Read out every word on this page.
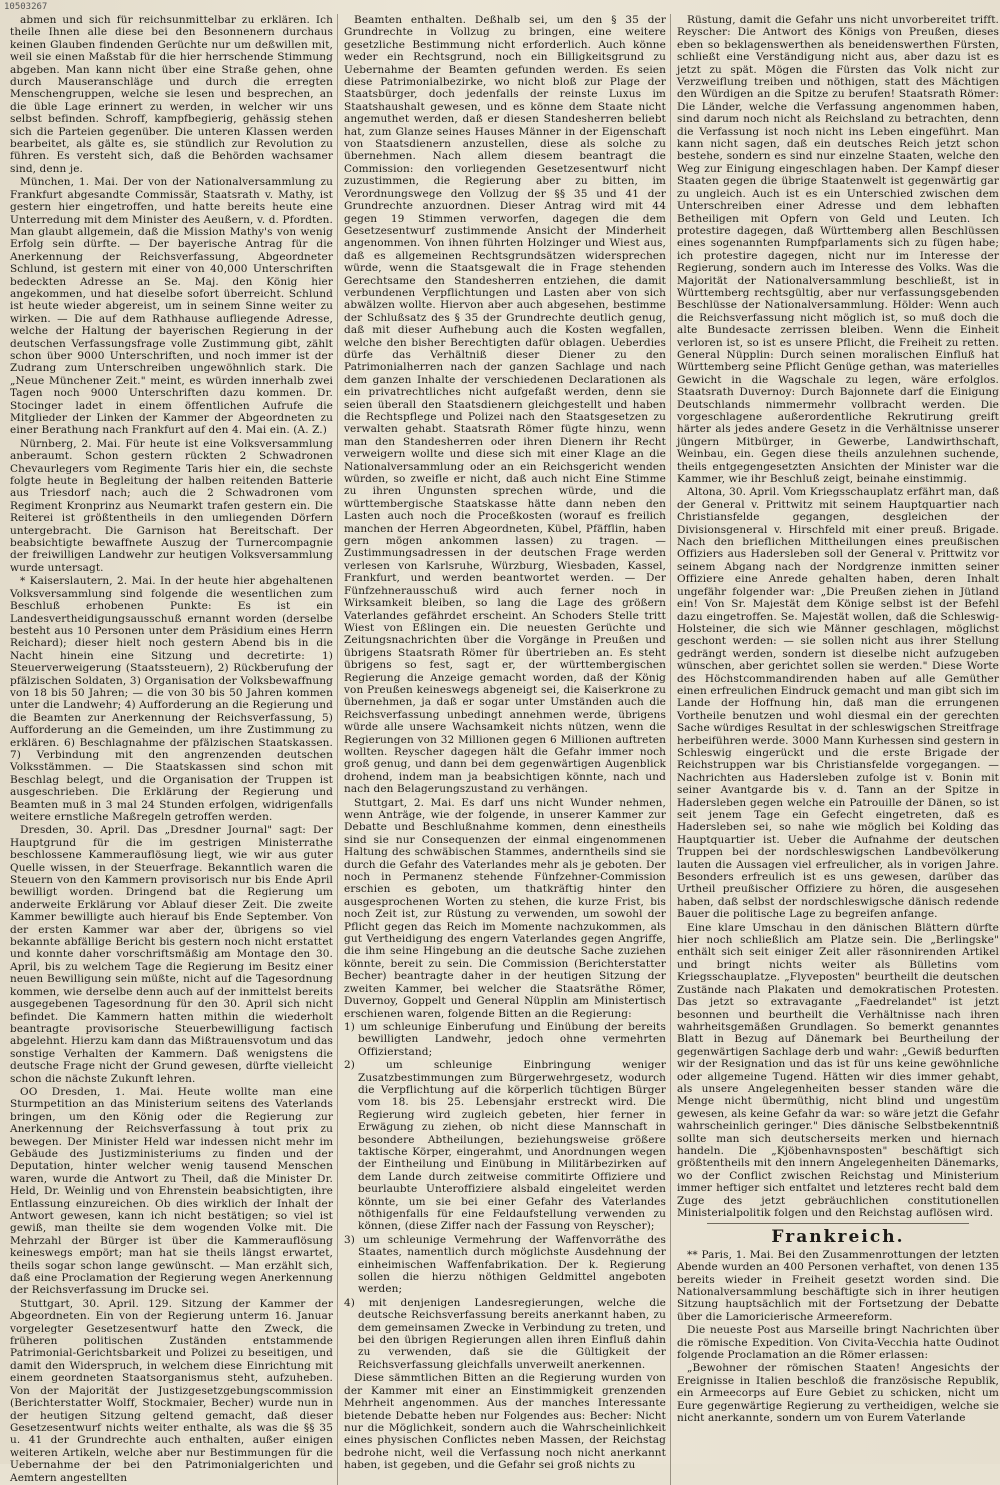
10503267

abmen und sich für reichsunmittelbar zu erklären. Ich theile Ihnen alle diese bei den Besonnenern durchaus keinen Glauben findenden Gerüchte nur um deßwillen mit, weil sie einen Maßstab für die hier herrschende Stimmung abgeben. Man kann nicht über eine Straße gehen, ohne durch Mauseranschläge und durch die erregten Menschengruppen, welche sie lesen und besprechen, an die üble Lage erinnert zu werden, in welcher wir uns selbst befinden. Schroff, kampfbegierig, gehässig stehen sich die Parteien gegenüber. Die unteren Klassen werden bearbeitet, als gälte es, sie stündlich zur Revolution zu führen. Es versteht sich, daß die Behörden wachsamer sind, denn je.

München, 1. Mai. Der von der Nationalversammlung zu Frankfurt abgesandte Commissär, Staatsrath v. Mathy, ist gestern hier eingetroffen, und hatte bereits heute eine Unterredung mit dem Minister des Aeußern, v. d. Pfordten. Man glaubt allgemein, daß die Mission Mathy's von wenig Erfolg sein dürfte. — Der bayerische Antrag für die Anerkennung der Reichsverfassung, Abgeordneter Schlund, ist gestern mit einer von 40,000 Unterschriften bedeckten Adresse an Se. Maj. den König hier angekommen, und hat dieselbe sofort überreicht. Schlund ist heute wieder abgereist, um in seinem Sinne weiter zu wirken. — Die auf dem Rathhause aufliegende Adresse, welche der Haltung der bayerischen Regierung in der deutschen Verfassungsfrage volle Zustimmung gibt, zählt schon über 9000 Unterschriften, und noch immer ist der Zudrang zum Unterschreiben ungewöhnlich stark. Die „Neue Münchener Zeit." meint, es würden innerhalb zwei Tagen noch 9000 Unterschriften dazu kommen. Dr. Stocinger ladet in einem öffentlichen Aufrufe die Mitglieder der Linken der Kammer der Abgeordneten zu einer Berathung nach Frankfurt auf den 4. Mai ein. (A. Z.)

Nürnberg, 2. Mai. Für heute ist eine Volksversammlung anberaumt. Schon gestern rückten 2 Schwadronen Chevaurlegers vom Regimente Taris hier ein, die sechste folgte heute in Begleitung der halben reitenden Batterie aus Triesdorf nach; auch die 2 Schwadronen vom Regiment Kronprinz aus Neumarkt trafen gestern ein. Die Reiterei ist größtentheils in den umliegenden Dörfern untergebracht. Die Garnison hat Bereitschaft. Der beabsichtigte bewaffnete Auszug der Turnercompagnie der freiwilligen Landwehr zur heutigen Volksversammlung wurde untersagt.

* Kaiserslautern, 2. Mai. In der heute hier abgehaltenen Volksversammlung sind folgende die wesentlichen zum Beschluß erhobenen Punkte: Es ist ein Landesvertheidigungsausschuß ernannt worden (derselbe besteht aus 10 Personen unter dem Präsidium eines Herrn Reichard); dieser hielt noch gestern Abend bis in die Nacht hinein eine Sitzung und decretirte: 1) Steuerverweigerung (Staatssteuern), 2) Rückberufung der pfälzischen Soldaten, 3) Organisation der Volksbewaffnung von 18 bis 50 Jahren; — die von 30 bis 50 Jahren kommen unter die Landwehr; 4) Aufforderung an die Regierung und die Beamten zur Anerkennung der Reichsverfassung, 5) Aufforderung an die Gemeinden, um ihre Zustimmung zu erklären. 6) Beschlagnahme der pfälzischen Staatskassen. 7) Verbindung mit den angrenzenden deutschen Volksstämmen. — Die Staatskassen sind schon mit Beschlag belegt, und die Organisation der Truppen ist ausgeschrieben. Die Erklärung der Regierung und Beamten muß in 3 mal 24 Stunden erfolgen, widrigenfalls weitere ernstliche Maßregeln getroffen werden.

Dresden, 30. April. Das „Dresdner Journal" sagt: Der Hauptgrund für die im gestrigen Ministerrathe beschlossene Kammerauflösung liegt, wie wir aus guter Quelle wissen, in der Steuerfrage. Bekanntlich waren die Steuern von den Kammern provisorisch nur bis Ende April bewilligt worden. Dringend bat die Regierung um anderweite Erklärung vor Ablauf dieser Zeit. Die zweite Kammer bewilligte auch hierauf bis Ende September. Von der ersten Kammer war aber der, übrigens so viel bekannte abfällige Bericht bis gestern noch nicht erstattet und konnte daher vorschriftsmäßig am Montage den 30. April, bis zu welchem Tage die Regierung im Besitz einer neuen Bewilligung sein müßte, nicht auf die Tagesordnung kommen, wie derselbe denn auch auf der inmittelst bereits ausgegebenen Tagesordnung für den 30. April sich nicht befindet. Die Kammern hatten mithin die wiederholt beantragte provisorische Steuerbewilligung factisch abgelehnt. Hierzu kam dann das Mißtrauensvotum und das sonstige Verhalten der Kammern. Daß wenigstens die deutsche Frage nicht der Grund gewesen, dürfte vielleicht schon die nächste Zukunft lehren.

OO Dresden, 1. Mai. Heute wollte man eine Sturmpetition an das Ministerium seitens des Vaterlands bringen, um den König oder die Regierung zur Anerkennung der Reichsverfassung à tout prix zu bewegen. Der Minister Held war indessen nicht mehr im Gebäude des Justizministeriums zu finden und der Deputation, hinter welcher wenig tausend Menschen waren, wurde die Antwort zu Theil, daß die Minister Dr. Held, Dr. Weinlig und von Ehrenstein beabsichtigten, ihre Entlassung einzureichen. Ob dies wirklich der Inhalt der Antwort gewesen, kann ich nicht bestätigen; so viel ist gewiß, man theilte sie dem wogenden Volke mit. Die Mehrzahl der Bürger ist über die Kammerauflösung keineswegs empört; man hat sie theils längst erwartet, theils sogar schon lange gewünscht. — Man erzählt sich, daß eine Proclamation der Regierung wegen Anerkennung der Reichsverfassung im Drucke sei.

Stuttgart, 30. April. 129. Sitzung der Kammer der Abgeordneten. Ein von der Regierung unterm 16. Januar vorgelegter Gesetzesentwurf hatte den Zweck, die früheren politischen Zuständen entstammende Patrimonial-Gerichtsbarkeit und Polizei zu beseitigen, und damit den Widerspruch, in welchem diese Einrichtung mit einem geordneten Staatsorganismus steht, aufzuheben. Von der Majorität der Justizgesetzgebungscommission (Berichterstatter Wolff, Stockmaier, Becher) wurde nun in der heutigen Sitzung geltend gemacht, daß dieser Gesetzesentwurf nichts weiter enthalte, als was die §§ 35 u. 41 der Grundrechte auch enthalten, außer einigen weiteren Artikeln, welche aber nur Bestimmungen für die Uebernahme der bei den Patrimonialgerichten und Aemtern angestellten

Beamten enthalten. Deßhalb sei, um den § 35 der Grundrechte in Vollzug zu bringen, eine weitere gesetzliche Bestimmung nicht erforderlich. Auch könne weder ein Rechtsgrund, noch ein Billigkeitsgrund zu Uebernahme der Beamten gefunden werden. Es seien diese Patrimonialbezirke, wo nicht bloß zur Plage der Staatsbürger, doch jedenfalls der reinste Luxus im Staatshaushalt gewesen, und es könne dem Staate nicht angemuthet werden, daß er diesen Standesherren beliebt hat, zum Glanze seines Hauses Männer in der Eigenschaft von Staatsdienern anzustellen, diese als solche zu übernehmen. Nach allem diesem beantragt die Commission: den vorliegenden Gesetzesentwurf nicht zuzustimmen, die Regierung aber zu bitten, im Verordnungswege den Vollzug der §§ 35 und 41 der Grundrechte anzuordnen. Dieser Antrag wird mit 44 gegen 19 Stimmen verworfen, dagegen die dem Gesetzesentwurf zustimmende Ansicht der Minderheit angenommen. Von ihnen führten Holzinger und Wiest aus, daß es allgemeinen Rechtsgrundsätzen widersprechen würde, wenn die Staatsgewalt die in Frage stehenden Gerechtsame den Standesherren entziehen, die damit verbundenen Verpflichtungen und Lasten aber von sich abwälzen wollte. Hiervon aber auch abgesehen, bestimme der Schlußsatz des § 35 der Grundrechte deutlich genug, daß mit dieser Aufhebung auch die Kosten wegfallen, welche den bisher Berechtigten dafür oblagen. Ueberdies dürfe das Verhältniß dieser Diener zu den Patrimonialherren nach der ganzen Sachlage und nach dem ganzen Inhalte der verschiedenen Declarationen als ein privatrechtliches nicht aufgefaßt werden, denn sie seien überall den Staatsdienern gleichgestellt und haben die Rechtspflege und Polizei nach den Staatsgesetzen zu verwalten gehabt. Staatsrath Römer fügte hinzu, wenn man den Standesherren oder ihren Dienern ihr Recht verweigern wollte und diese sich mit einer Klage an die Nationalversammlung oder an ein Reichsgericht wenden würden, so zweifle er nicht, daß auch nicht Eine Stimme zu ihren Ungunsten sprechen würde, und die württembergische Staatskasse hätte dann neben den Lasten auch noch die Proceßkosten (worauf es freilich manchen der Herren Abgeordneten, Kübel, Pfäfflin, haben gern mögen ankommen lassen) zu tragen. — Zustimmungsadressen in der deutschen Frage werden verlesen von Karlsruhe, Würzburg, Wiesbaden, Kassel, Frankfurt, und werden beantwortet werden. — Der Fünfzehnerausschuß wird auch ferner noch in Wirksamkeit bleiben, so lang die Lage des größern Vaterlandes gefährdet erscheint. An Schoders Stelle tritt Wiest von Eßlingen ein. Die neuesten Gerüchte und Zeitungsnachrichten über die Vorgänge in Preußen und übrigens Staatsrath Römer für übertrieben an. Es steht übrigens so fest, sagt er, der württembergischen Regierung die Anzeige gemacht worden, daß der König von Preußen keineswegs abgeneigt sei, die Kaiserkrone zu übernehmen, ja daß er sogar unter Umständen auch die Reichsverfassung unbedingt annehmen werde, übrigens würde alle unsere Wachsamkeit nichts nützen, wenn die Regierungen von 32 Millionen gegen 6 Millionen auftreten wollten. Reyscher dagegen hält die Gefahr immer noch groß genug, und dann bei dem gegenwärtigen Augenblick drohend, indem man ja beabsichtigen könnte, nach und nach den Belagerungszustand zu verhängen.

Stuttgart, 2. Mai. Es darf uns nicht Wunder nehmen, wenn Anträge, wie der folgende, in unserer Kammer zur Debatte und Beschlußnahme kommen, denn einestheils sind sie nur Consequenzen der einmal eingenommenen Haltung des schwäbischen Stammes, anderntheils sind sie durch die Gefahr des Vaterlandes mehr als je geboten. Der noch in Permanenz stehende Fünfzehner-Commission erschien es geboten, um thatkräftig hinter den ausgesprochenen Worten zu stehen, die kurze Frist, bis noch Zeit ist, zur Rüstung zu verwenden, um sowohl der Pflicht gegen das Reich im Momente nachzukommen, als gut Vertheidigung des engern Vaterlandes gegen Angriffe, die ihm seine Hingebung an die deutsche Sache zuziehen könnte, bereit zu sein. Die Commission (Berichterstatter Becher) beantragte daher in der heutigen Sitzung der zweiten Kammer, bei welcher die Staatsräthe Römer, Duvernoy, Goppelt und General Nüpplin am Ministertisch erschienen waren, folgende Bitten an die Regierung:

1) um schleunige Einberufung und Einübung der bereits bewilligten Landwehr, jedoch ohne vermehrten Offizierstand;

2) um schleunige Einbringung weniger Zusatzbestimmungen zum Bürgerwehrgesetz, wodurch die Verpflichtung auf die körperlich tüchtigen Bürger vom 18. bis 25. Lebensjahr erstreckt wird. Die Regierung wird zugleich gebeten, hier ferner in Erwägung zu ziehen, ob nicht diese Mannschaft in besondere Abtheilungen, beziehungsweise größere taktische Körper, eingerahmt, und Anordnungen wegen der Eintheilung und Einübung in Militärbezirken auf dem Lande durch zeitweise commitirte Offiziere und beurlaubte Unteroffiziere alsbald eingeleitet werden könnte, um sie bei einer Gefahr des Vaterlandes nöthigenfalls für eine Feldaufstellung verwenden zu können, (diese Ziffer nach der Fassung von Reyscher);

3) um schleunige Vermehrung der Waffenvorräthe des Staates, namentlich durch möglichste Ausdehnung der einheimischen Waffenfabrikation. Der k. Regierung sollen die hierzu nöthigen Geldmittel angeboten werden;

4) mit denjenigen Landesregierungen, welche die deutsche Reichsverfassung bereits anerkannt haben, zu dem gemeinsamen Zwecke in Verbindung zu treten, und bei den übrigen Regierungen allen ihren Einfluß dahin zu verwenden, daß sie die Gültigkeit der Reichsverfassung gleichfalls unverweilt anerkennen.

Diese sämmtlichen Bitten an die Regierung wurden von der Kammer mit einer an Einstimmigkeit grenzenden Mehrheit angenommen. Aus der manches Interessante bietende Debatte heben nur Folgendes aus: Becher: Nicht nur die Möglichkeit, sondern auch die Wahrscheinlichkeit eines physischen Conflictes neben Massen, der Reichstag bedrohe nicht, weil die Verfassung noch nicht anerkannt haben, ist gegeben, und die Gefahr sei groß nichts zu

Rüstung, damit die Gefahr uns nicht unvorbereitet trifft. Reyscher: Die Antwort des Königs von Preußen, dieses eben so beklagenswerthen als beneidenswerthen Fürsten, schließt eine Verständigung nicht aus, aber dazu ist es jetzt zu spät. Mögen die Fürsten das Volk nicht zur Verzweiflung treiben und nöthigen, statt des Mächtigen den Würdigen an die Spitze zu berufen! Staatsrath Römer: Die Länder, welche die Verfassung angenommen haben, sind darum noch nicht als Reichsland zu betrachten, denn die Verfassung ist noch nicht ins Leben eingeführt. Man kann nicht sagen, daß ein deutsches Reich jetzt schon bestehe, sondern es sind nur einzelne Staaten, welche den Weg zur Einigung eingeschlagen haben. Der Kampf dieser Staaten gegen die übrige Staatenwelt ist gegenwärtig gar zu ungleich. Auch ist es ein Unterschied zwischen dem Unterschreiben einer Adresse und dem lebhaften Betheiligen mit Opfern von Geld und Leuten. Ich protestire dagegen, daß Württemberg allen Beschlüssen eines sogenannten Rumpfparlaments sich zu fügen habe; ich protestire dagegen, nicht nur im Interesse der Regierung, sondern auch im Interesse des Volks. Was die Majorität der Nationalversammlung beschließt, ist in Württemberg rechtsgültig, aber nur verfassungsgebenden Beschlüsse der Nationalversammlung. Hölder: Wenn auch die Reichsverfassung nicht möglich ist, so muß doch die alte Bundesacte zerrissen bleiben. Wenn die Einheit verloren ist, so ist es unsere Pflicht, die Freiheit zu retten. General Nüpplin: Durch seinen moralischen Einfluß hat Württemberg seine Pflicht Genüge gethan, was materielles Gewicht in die Wagschale zu legen, wäre erfolglos. Staatsrath Duvernoy: Durch Bajonnete darf die Einigung Deutschlands nimmermehr vollbracht werden. Die vorgeschlagene außerordentliche Rekrutirung greift härter als jedes andere Gesetz in die Verhältnisse unserer jüngern Mitbürger, in Gewerbe, Landwirthschaft, Weinbau, ein. Gegen diese theils anzulehnen suchende, theils entgegengesetzten Ansichten der Minister war die Kammer, wie ihr Beschluß zeigt, beinahe einstimmig.

Altona, 30. April. Vom Kriegsschauplatz erfährt man, daß der General v. Prittwitz mit seinem Hauptquartier nach Christiansfelde gegangen, desgleichen der Divisionsgeneral v. Hirschfeld mit einer preuß. Brigade. Nach den brieflichen Mittheilungen eines preußischen Offiziers aus Hadersleben soll der General v. Prittwitz vor seinem Abgang nach der Nordgrenze inmitten seiner Offiziere eine Anrede gehalten haben, deren Inhalt ungefähr folgender war: „Die Preußen ziehen in Jütland ein! Von Sr. Majestät dem Könige selbst ist der Befehl dazu eingetroffen. Se. Majestät wollen, daß die Schleswig-Holsteiner, die sich wie Männer geschlagen, möglichst geschont werden: — sie sollen nicht aus ihrer Stellung gedrängt werden, sondern ist dieselbe nicht aufzugeben wünschen, aber gerichtet sollen sie werden." Diese Worte des Höchstcommandirenden haben auf alle Gemüther einen erfreulichen Eindruck gemacht und man gibt sich im Lande der Hoffnung hin, daß man die errungenen Vortheile benutzen und wohl diesmal ein der gerechten Sache würdiges Resultat in der schleswigschen Streitfrage herbeiführen werde. 3000 Mann Kurhessen sind gestern in Schleswig eingerückt und die erste Brigade der Reichstruppen war bis Christiansfelde vorgegangen. — Nachrichten aus Hadersleben zufolge ist v. Bonin mit seiner Avantgarde bis v. d. Tann an der Spitze in Hadersleben gegen welche ein Patrouille der Dänen, so ist seit jenem Tage ein Gefecht eingetreten, daß es Hadersleben sei, so nahe wie möglich bei Kolding das Hauptquartier ist. Ueber die Aufnahme der deutschen Truppen bei der nordschleswigschen Landbevölkerung lauten die Aussagen viel erfreulicher, als in vorigen Jahre. Besonders erfreulich ist es uns gewesen, darüber das Urtheil preußischer Offiziere zu hören, die ausgesehen haben, daß selbst der nordschleswigsche dänisch redende Bauer die politische Lage zu begreifen anfange.

Eine klare Umschau in den dänischen Blättern dürfte hier noch schließlich am Platze sein. Die „Berlingske" enthält sich seit einiger Zeit aller räsonnirenden Artikel und bringt nichts weiter als Bülletins vom Kriegsschauplatze. „Flyveposten" beurtheilt die deutschen Zustände nach Plakaten und demokratischen Protesten. Das jetzt so extravagante „Faedrelandet" ist jetzt besonnen und beurtheilt die Verhältnisse nach ihren wahrheitsgemäßen Grundlagen. So bemerkt genanntes Blatt in Bezug auf Dänemark bei Beurtheilung der gegenwärtigen Sachlage derb und wahr: „Gewiß bedurften wir der Resignation und das ist für uns keine gewöhnliche oder allgemeine Tugend. Hätten wir dies immer gehabt, als unsere Angelegenheiten besser standen wäre die Menge nicht übermüthig, nicht blind und ungestüm gewesen, als keine Gefahr da war: so wäre jetzt die Gefahr wahrscheinlich geringer." Dies dänische Selbstbekenntniß sollte man sich deutscherseits merken und hiernach handeln. Die „Kjöbenhavnsposten" beschäftigt sich größtentheils mit den innern Angelegenheiten Dänemarks, wo der Conflict zwischen Reichstag und Ministerium immer heftiger sich entfaltet und letzteres recht bald dem Zuge des jetzt gebräuchlichen constitutionellen Ministerialpolitik folgen und den Reichstag auflösen wird.

Frankreich.

** Paris, 1. Mai. Bei den Zusammenrottungen der letzten Abende wurden an 400 Personen verhaftet, von denen 135 bereits wieder in Freiheit gesetzt worden sind. Die Nationalversammlung beschäftigte sich in ihrer heutigen Sitzung hauptsächlich mit der Fortsetzung der Debatte über die Lamoricierische Armeereform.

Die neueste Post aus Marseille bringt Nachrichten über die römische Expedition. Von Civita-Vecchia hatte Oudinot folgende Proclamation an die Römer erlassen:

„Bewohner der römischen Staaten! Angesichts der Ereignisse in Italien beschloß die französische Republik, ein Armeecorps auf Eure Gebiet zu schicken, nicht um Eure gegenwärtige Regierung zu vertheidigen, welche sie nicht anerkannte, sondern um von Eurem Vaterlande
